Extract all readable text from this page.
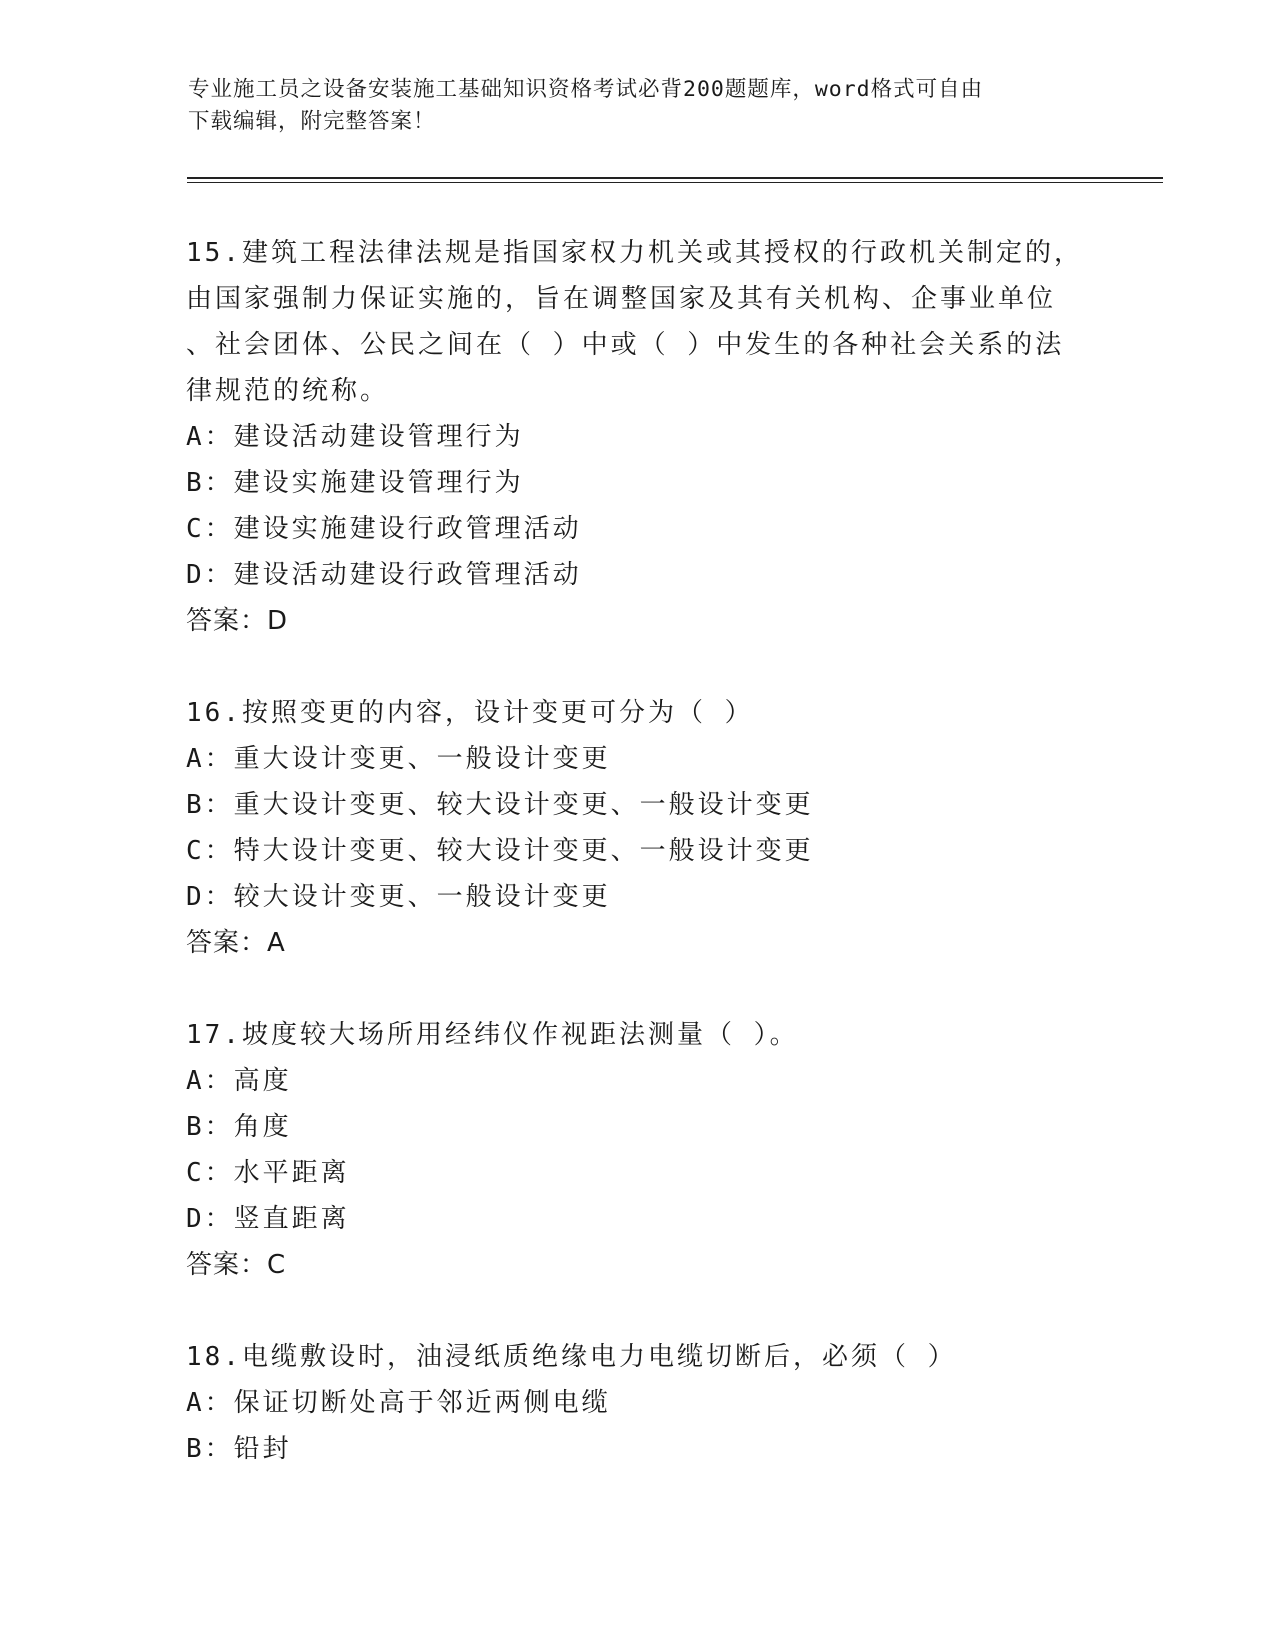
专业施工员之设备安装施工基础知识资格考试必背200题题库，word格式可自由
下载编辑，附完整答案！

15.建筑工程法律法规是指国家权力机关或其授权的行政机关制定的，

由国家强制力保证实施的，旨在调整国家及其有关机构、企事业单位

、社会团体、公民之间在（ ）中或（ ）中发生的各种社会关系的法

律规范的统称。

A：建设活动建设管理行为

B：建设实施建设管理行为

C：建设实施建设行政管理活动

D：建设活动建设行政管理活动

答案：D

16.按照变更的内容，设计变更可分为（ ）

A：重大设计变更、一般设计变更

B：重大设计变更、较大设计变更、一般设计变更

C：特大设计变更、较大设计变更、一般设计变更

D：较大设计变更、一般设计变更

答案：A

17.坡度较大场所用经纬仪作视距法测量（ ）。

A：高度

B：角度

C：水平距离

D：竖直距离

答案：C

18.电缆敷设时，油浸纸质绝缘电力电缆切断后，必须（ ）

A：保证切断处高于邻近两侧电缆

B：铅封
